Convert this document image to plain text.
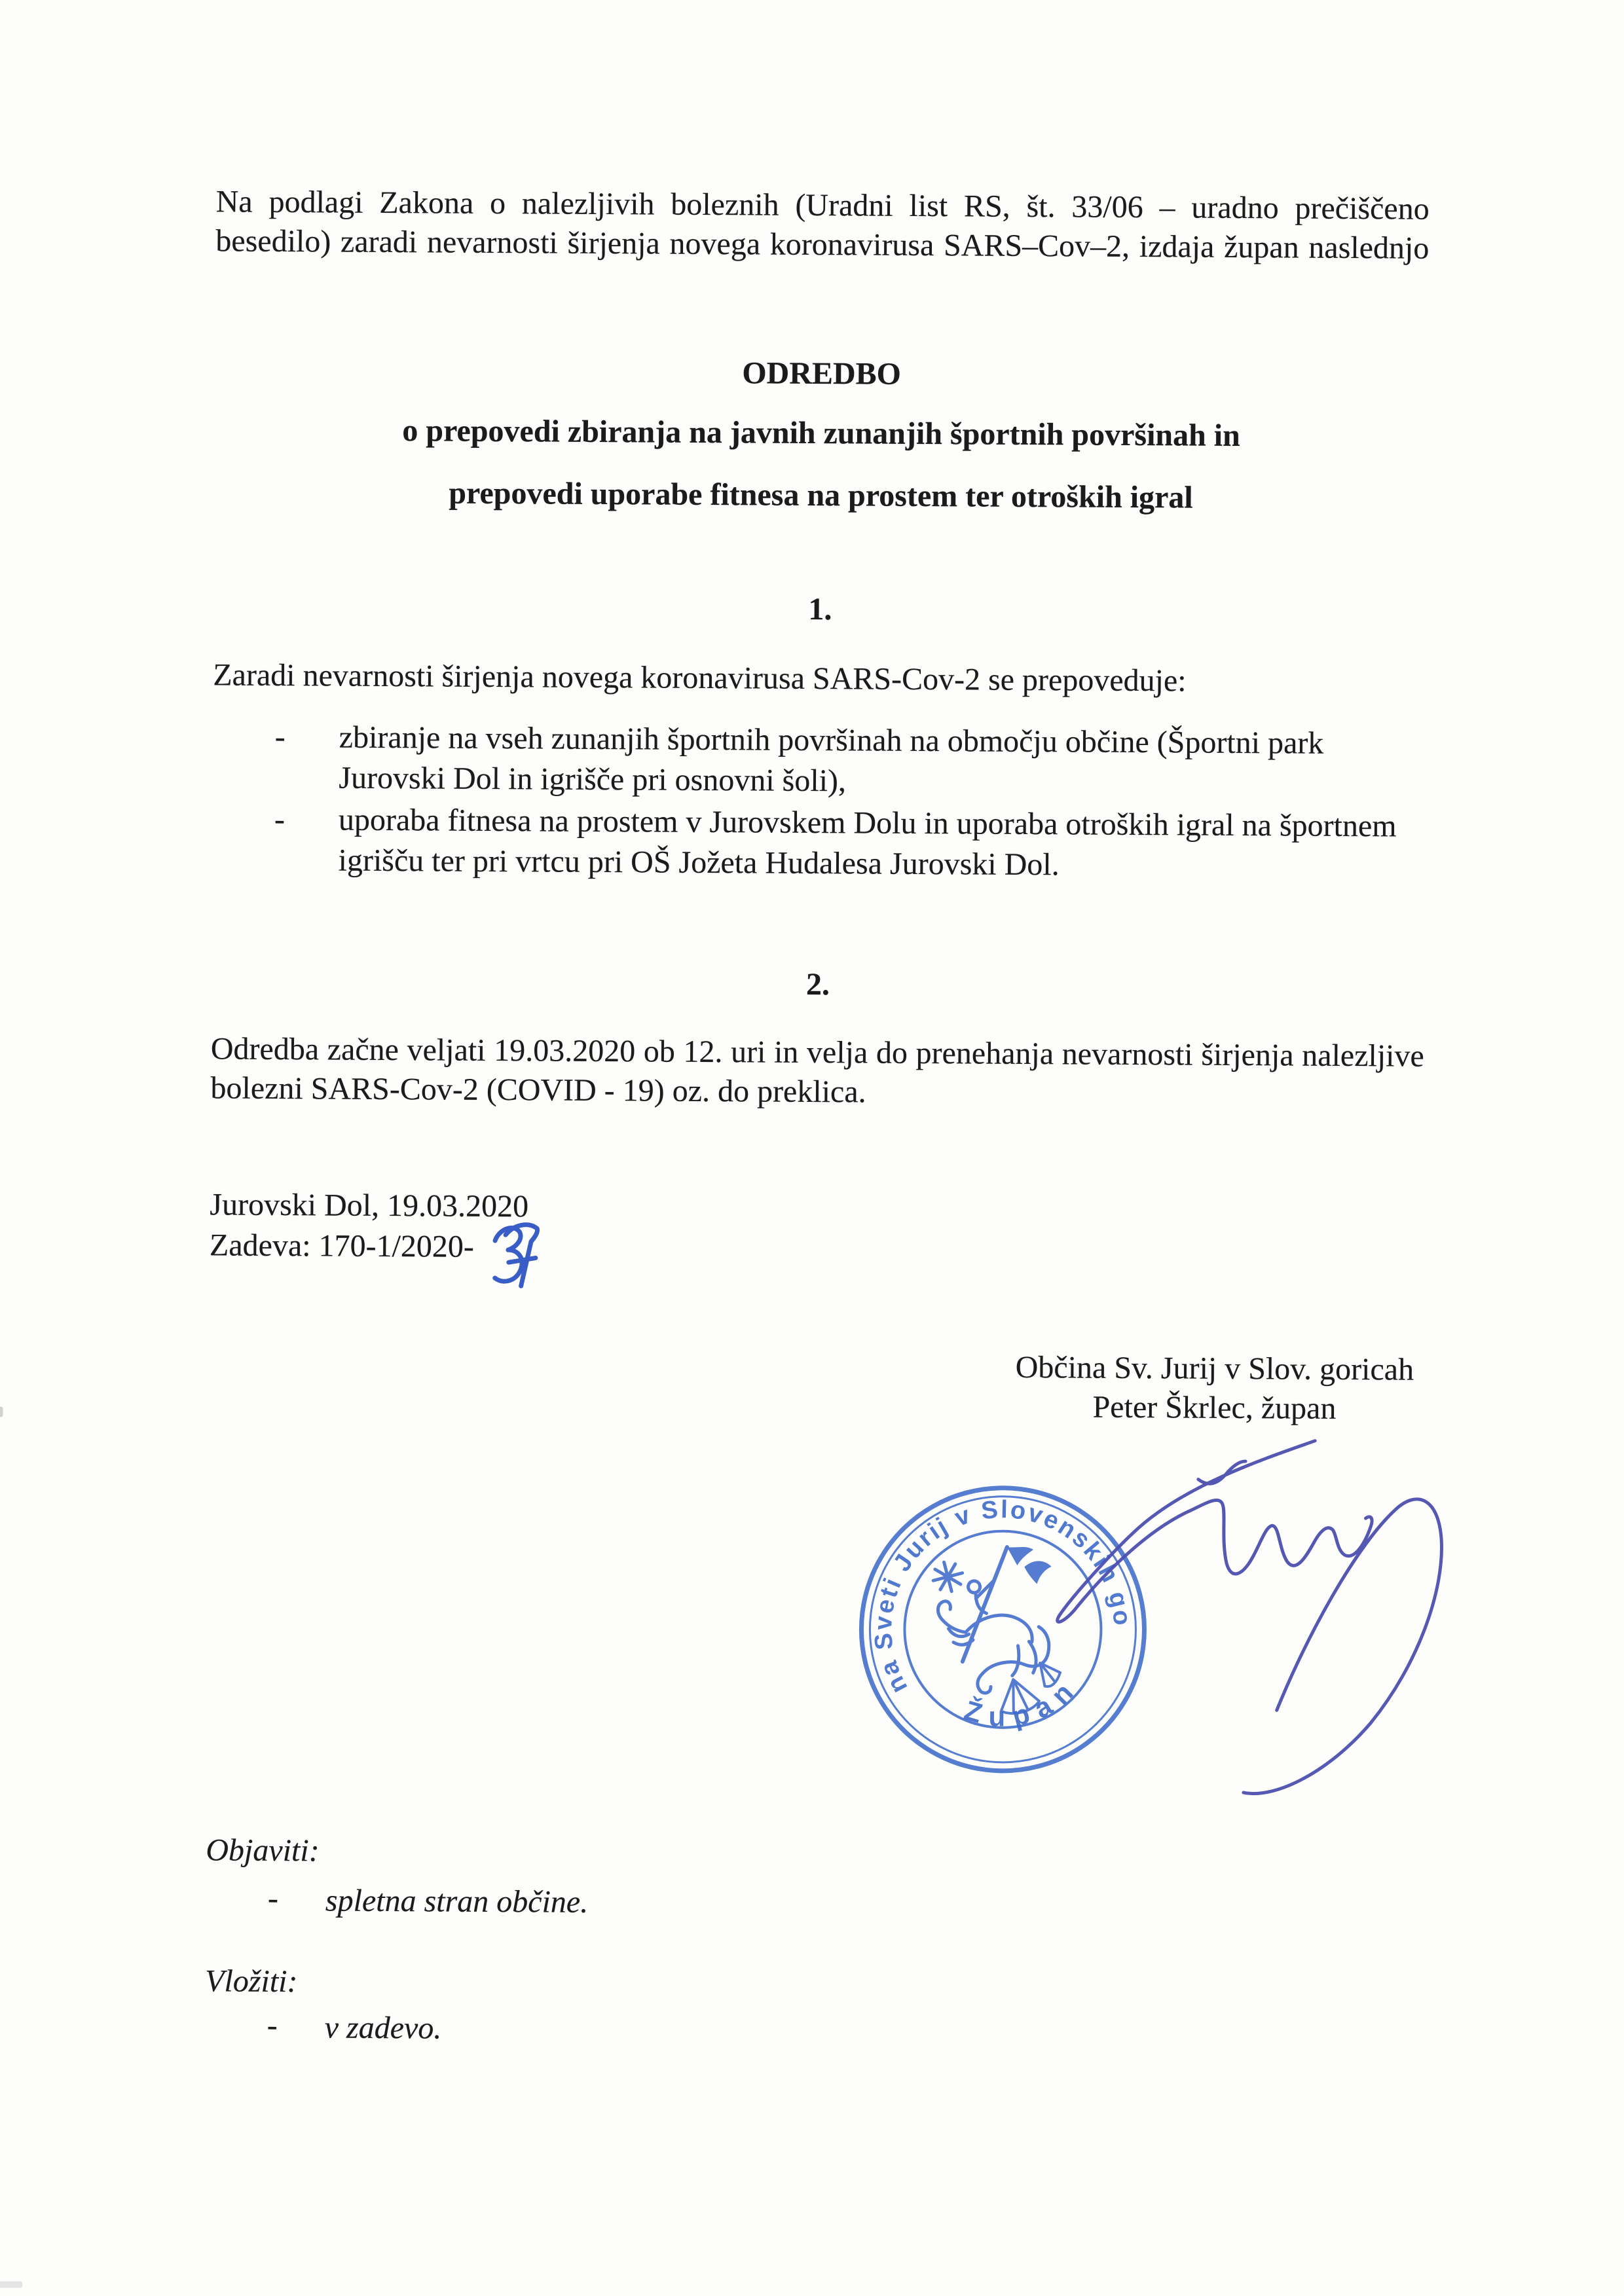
Na podlagi Zakona o nalezljivih boleznih (Uradni list RS, št. 33/06 – uradno prečiščeno
besedilo) zaradi nevarnosti širjenja novega koronavirusa SARS–Cov–2, izdaja župan naslednjo
ODREDBO
o prepovedi zbiranja na javnih zunanjih športnih površinah in
prepovedi uporabe fitnesa na prostem ter otroških igral
1.
Zaradi nevarnosti širjenja novega koronavirusa SARS-Cov-2 se prepoveduje:
- zbiranje na vseh zunanjih športnih površinah na območju občine (Športni park
Jurovski Dol in igrišče pri osnovni šoli),
- uporaba fitnesa na prostem v Jurovskem Dolu in uporaba otroških igral na športnem
igrišču ter pri vrtcu pri OŠ Jožeta Hudalesa Jurovski Dol.
2.
Odredba začne veljati 19.03.2020 ob 12. uri in velja do prenehanja nevarnosti širjenja nalezljive
bolezni SARS-Cov-2 (COVID - 19) oz. do preklica.
Jurovski Dol, 19.03.2020
Zadeva: 170-1/2020-
Občina Sv. Jurij v Slov. goricah
Peter Škrlec, župan
Občina Sveti Jurij v Slovenskih goricah
Župan
Objaviti:
- spletna stran občine.
Vložiti:
- v zadevo.
